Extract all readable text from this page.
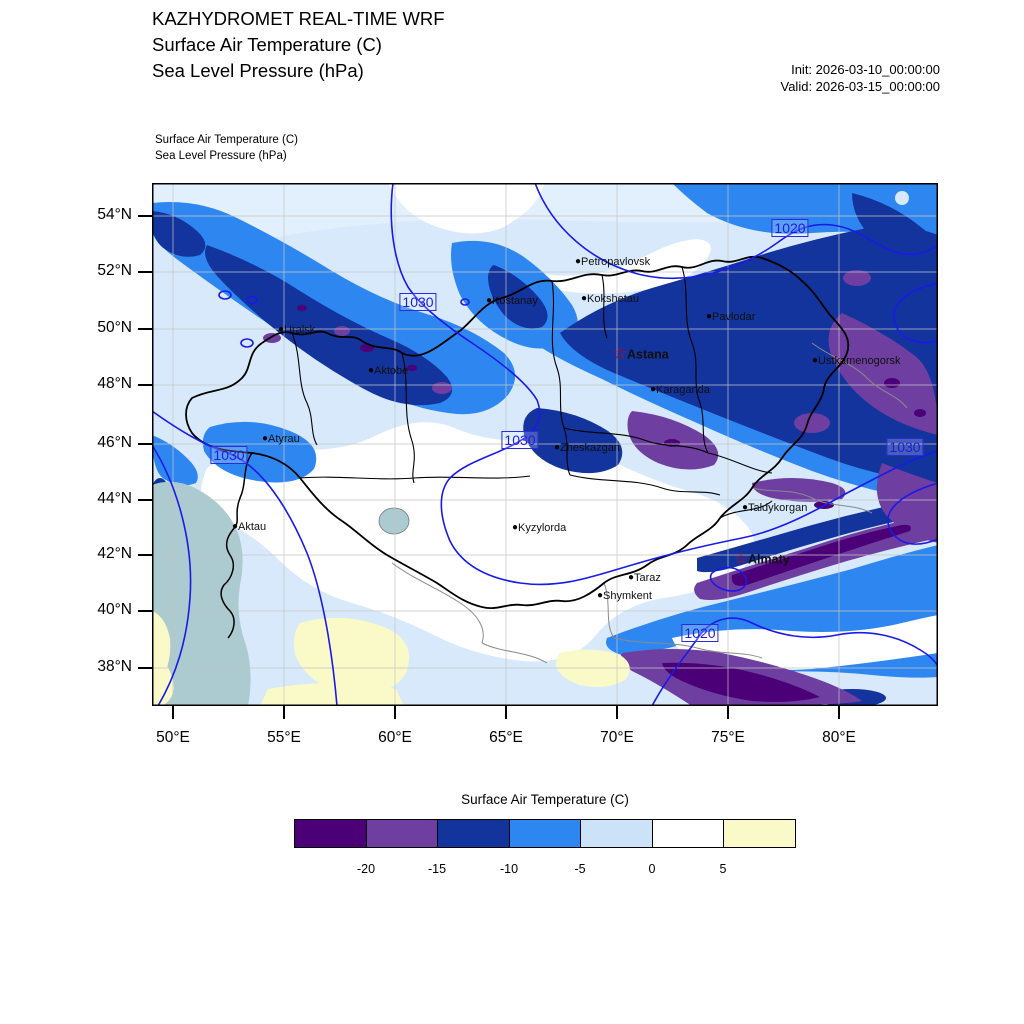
KAZHYDROMET REAL-TIME WRF
Surface Air Temperature (C)
Sea Level Pressure (hPa)	Init: 2026-03-10_00:00:00
Valid: 2026-03-15_00:00:00
Surface Air Temperature (C)
Sea Level Pressure (hPa)
● Petropavlovsk
● Kostanay	● Kokshetau
● Pavlodar
● Uralsk
● Aktobe
☆ Astana
● Karaganda
● Ustkamenogorsk
● Atyrau
● Zheskazgan
● Aktau	● Kyzylorda
● Taldykorgan
☆ Almaty
● Taraz
● Shymkent
1020
1030
1030
1030	1030
1020
54°N
52°N
50°N
48°N
46°N
44°N
42°N
40°N
38°N
50°E	55°E	60°E	65°E	70°E	75°E	80°E
Surface Air Temperature (C)
-20	-15	-10	-5	0	5
